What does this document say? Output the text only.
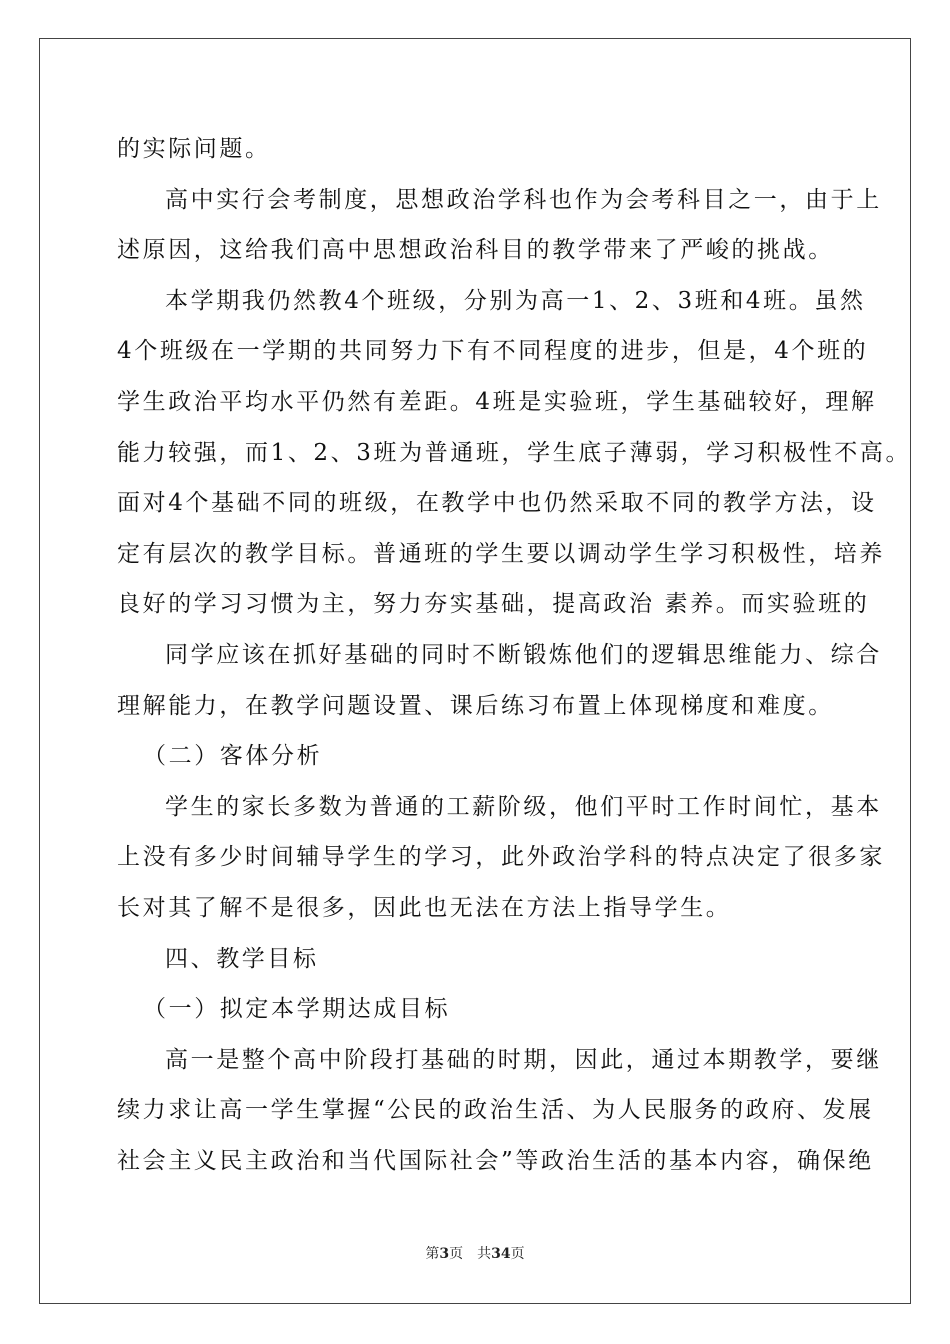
的实际问题。
高中实行会考制度，思想政治学科也作为会考科目之一，由于上
述原因，这给我们高中思想政治科目的教学带来了严峻的挑战。
本学期我仍然教4个班级，分别为高一1、2、3班和4班。虽然
4个班级在一学期的共同努力下有不同程度的进步，但是，4个班的
学生政治平均水平仍然有差距。4班是实验班，学生基础较好，理解
能力较强，而1、2、3班为普通班，学生底子薄弱，学习积极性不高。
面对4个基础不同的班级，在教学中也仍然采取不同的教学方法，设
定有层次的教学目标。普通班的学生要以调动学生学习积极性，培养
良好的学习习惯为主，努力夯实基础，提高政治 素养。而实验班的
同学应该在抓好基础的同时不断锻炼他们的逻辑思维能力、综合
理解能力，在教学问题设置、课后练习布置上体现梯度和难度。
（二）客体分析
学生的家长多数为普通的工薪阶级，他们平时工作时间忙，基本
上没有多少时间辅导学生的学习，此外政治学科的特点决定了很多家
长对其了解不是很多，因此也无法在方法上指导学生。
四、教学目标
（一）拟定本学期达成目标
高一是整个高中阶段打基础的时期，因此，通过本期教学，要继
续力求让高一学生掌握“公民的政治生活、为人民服务的政府、发展
社会主义民主政治和当代国际社会”等政治生活的基本内容，确保绝
第3页 共34页
